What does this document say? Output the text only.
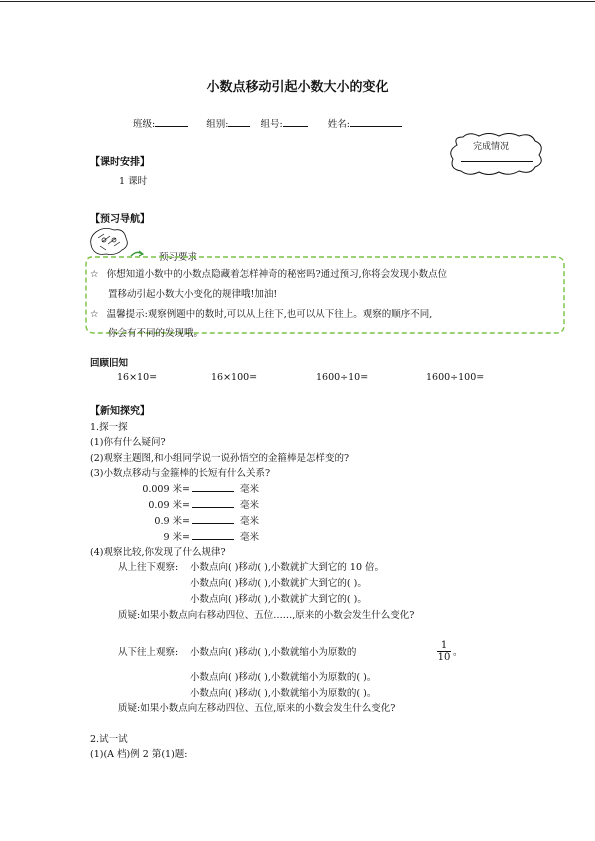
小数点移动引起小数大小的变化
班级:	组别:	组号:	姓名:
完成情况
【课时安排】
1 课时
【预习导航】
预习要求
☆ 你想知道小数中的小数点隐藏着怎样神奇的秘密吗?通过预习,你将会发现小数点位
置移动引起小数大小变化的规律哦!加油!
☆ 温馨提示:观察例题中的数时,可以从上往下,也可以从下往上。观察的顺序不同,
你会有不同的发现哦。
回顾旧知
16×10=	16×100=	1600÷10=	1600÷100=
【新知探究】
1.探一探
(1)你有什么疑问?
(2)观察主题图,和小组同学说一说孙悟空的金箍棒是怎样变的?
(3)小数点移动与金箍棒的长短有什么关系?
0.009 米=	毫米
0.09 米=	毫米
0.9 米=	毫米
9 米=	毫米
(4)观察比较,你发现了什么规律?
从上往下观察: 小数点向( )移动( ),小数就扩大到它的 10 倍。
小数点向( )移动( ),小数就扩大到它的( )。
小数点向( )移动( ),小数就扩大到它的( )。
质疑:如果小数点向右移动四位、五位……,原来的小数会发生什么变化?
从下往上观察: 小数点向( )移动( ),小数就缩小为原数的	$\frac{1}{10}$ 。
小数点向( )移动( ),小数就缩小为原数的( )。
小数点向( )移动( ),小数就缩小为原数的( )。
质疑:如果小数点向左移动四位、五位,原来的小数会发生什么变化?
2.试一试
(1)(A 档)例 2 第(1)题:
